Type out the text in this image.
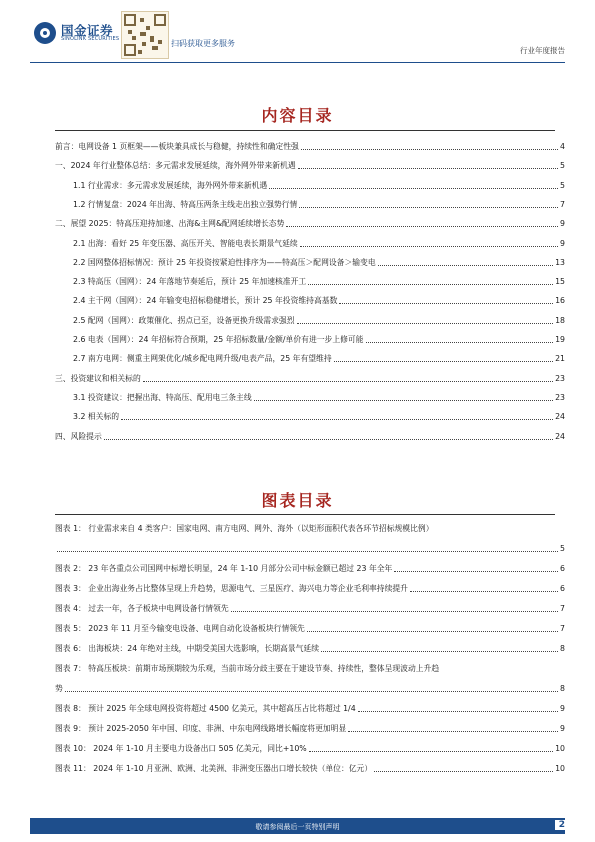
国金证券
SINOLINK SECURITIES
扫码获取更多服务
行业年度报告
内容目录
前言：电网设备 1 页框架——板块兼具成长与稳健，持续性和确定性强	4
一、2024 年行业整体总结：多元需求发展延续，海外网外带来新机遇	5
1.1 行业需求：多元需求发展延续，海外网外带来新机遇	5
1.2 行情复盘：2024 年出海、特高压两条主线走出独立强势行情	7
二、展望 2025：特高压迎持加速、出海&主网&配网延续增长态势	9
2.1 出海：看好 25 年变压器、高压开关、智能电表长期景气延续	9
2.2 国网整体招标情况：预计 25 年投资按紧迫性排序为——特高压＞配网设备＞输变电	13
2.3 特高压（国网）：24 年落地节奏延后，预计 25 年加速核准开工	15
2.4 主干网（国网）：24 年输变电招标稳健增长，预计 25 年投资维持高基数	16
2.5 配网（国网）：政策催化、拐点已至，设备更换升级需求强烈	18
2.6 电表（国网）：24 年招标符合预期，25 年招标数量/金额/单价有进一步上修可能	19
2.7 南方电网：侧重主网架优化/城乡配电网升级/电表产品，25 年有望维持	21
三、投资建议和相关标的	23
3.1 投资建议：把握出海、特高压、配用电三条主线	23
3.2 相关标的	24
四、风险提示	24
图表目录
图表 1： 行业需求来自 4 类客户：国家电网、南方电网、网外、海外（以矩形面积代表各环节招标规模比例）
5
图表 2： 23 年各重点公司国网中标增长明显，24 年 1-10 月部分公司中标金额已超过 23 年全年	6
图表 3： 企业出海业务占比整体呈现上升趋势，思源电气、三星医疗、海兴电力等企业毛利率持续提升	6
图表 4： 过去一年，各子板块中电网设备行情领先	7
图表 5： 2023 年 11 月至今输变电设备、电网自动化设备板块行情领先	7
图表 6： 出海板块：24 年绝对主线，中期受美国大选影响，长期高景气延续	8
图表 7： 特高压板块：前期市场预期较为乐观，当前市场分歧主要在于建设节奏、持续性，整体呈现波动上升趋
势	8
图表 8： 预计 2025 年全球电网投资将超过 4500 亿美元，其中超高压占比将超过 1/4	9
图表 9： 预计 2025-2050 年中国、印度、非洲、中东电网线路增长幅度将更加明显	9
图表 10： 2024 年 1-10 月主要电力设备出口 505 亿美元，同比+10%	10
图表 11： 2024 年 1-10 月亚洲、欧洲、北美洲、非洲变压器出口增长较快（单位：亿元）	10
敬请参阅最后一页特别声明	2
